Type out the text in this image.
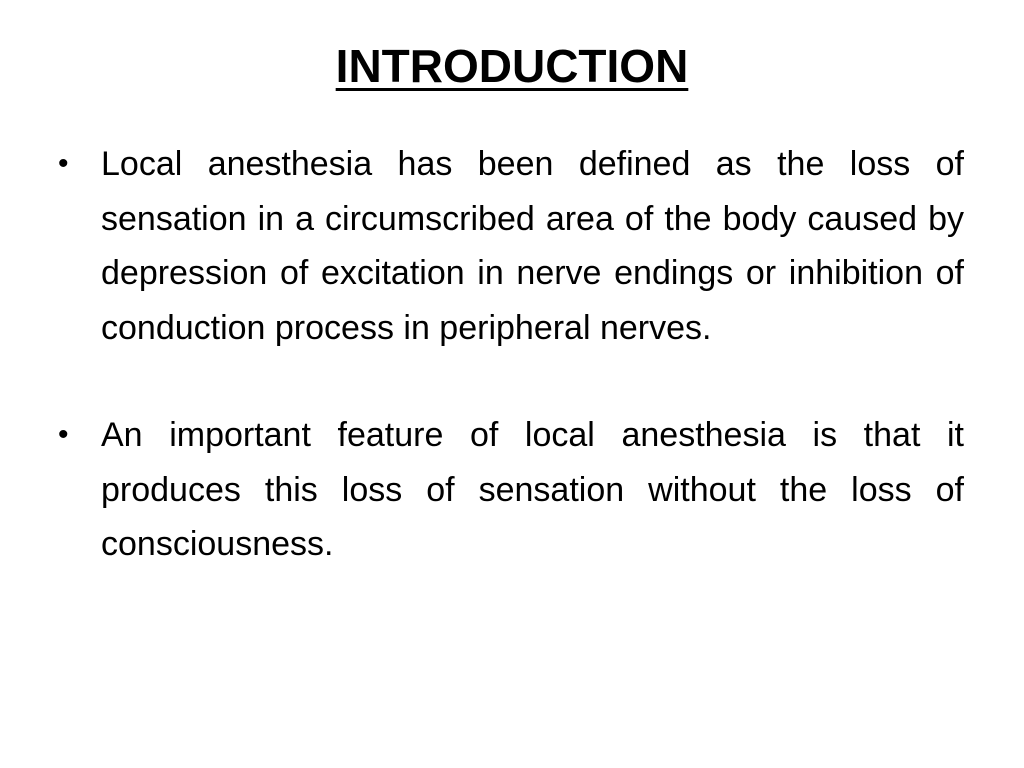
INTRODUCTION
• Local anesthesia has been defined as the loss of sensation in a circumscribed area of the body caused by depression of excitation in nerve endings or inhibition of conduction process in peripheral nerves.
• An important feature of local anesthesia is that it produces this loss of sensation without the loss of consciousness.
